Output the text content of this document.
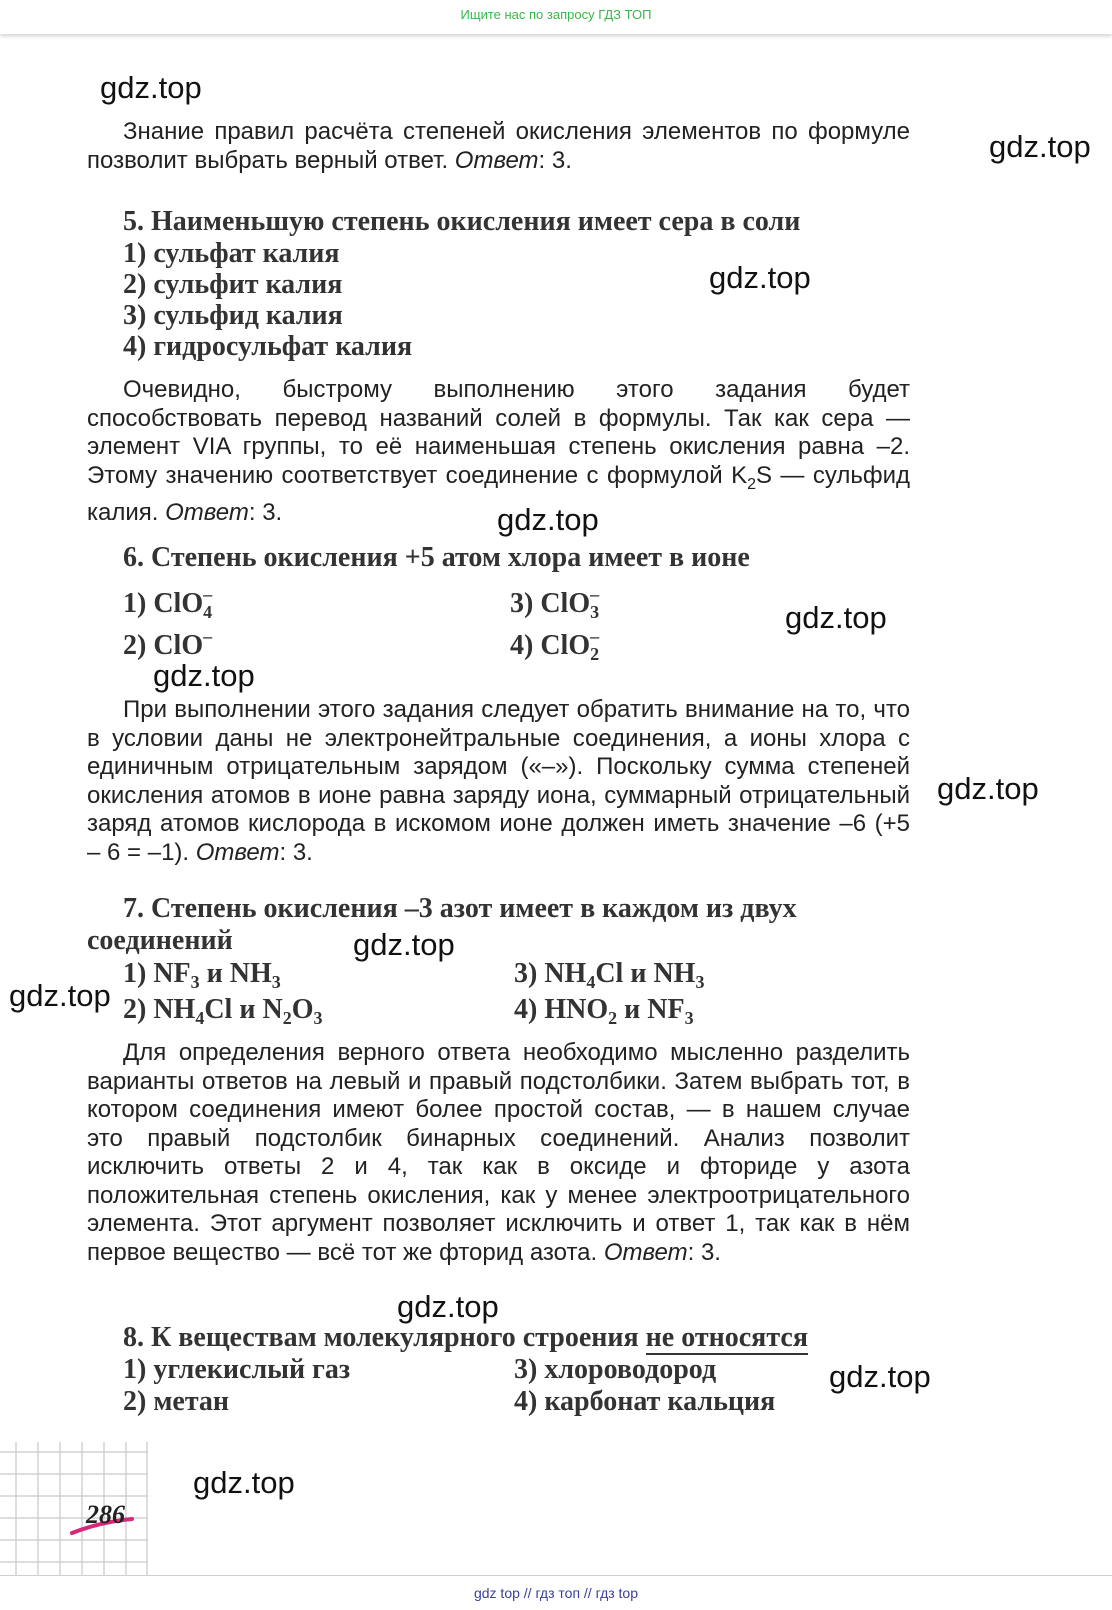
Ищите нас по запросу ГДЗ ТОП
Знание правил расчёта степеней окисления элементов по формуле позволит выбрать верный ответ. Ответ: 3.
5. Наименьшую степень окисления имеет сера в соли
1) сульфат калия
2) сульфит калия
3) сульфид калия
4) гидросульфат калия
Очевидно, быстрому выполнению этого задания будет способствовать перевод названий солей в формулы. Так как сера — элемент VIA группы, то её наименьшая степень окисления равна –2. Этому значению соответствует соединение с формулой $K_2S$ — сульфид калия. Ответ: 3.
6. Степень окисления +5 атом хлора имеет в ионе
1) ClO–$_4$	3) ClO–$_3$
2) ClO–	4) ClO–$_2$
При выполнении этого задания следует обратить внимание на то, что в условии даны не электронейтральные соединения, а ионы хлора с единичным отрицательным зарядом («–»). Поскольку сумма степеней окисления атомов в ионе равна заряду иона, суммарный отрицательный заряд атомов кислорода в искомом ионе должен иметь значение –6 (+5 – 6 = –1). Ответ: 3.
7. Степень окисления –3 азот имеет в каждом из двух соединений
1) $NF_3$ и $NH_3$	3) $NH_4Cl$ и $NH_3$
2) $NH_4Cl$ и $N_2O_3$	4) $HNO_2$ и $NF_3$
Для определения верного ответа необходимо мысленно разделить варианты ответов на левый и правый подстолбики. Затем выбрать тот, в котором соединения имеют более простой состав, — в нашем случае это правый подстолбик бинарных соединений. Анализ позволит исключить ответы 2 и 4, так как в оксиде и фториде у азота положительная степень окисления, как у менее электроотрицательного элемента. Этот аргумент позволяет исключить и ответ 1, так как в нём первое вещество — всё тот же фторид азота. Ответ: 3.
8. К веществам молекулярного строения не относятся
1) углекислый газ	3) хлороводород
2) метан	4) карбонат кальция
gdz.top
gdz.top
gdz.top
gdz.top
gdz.top
gdz.top
gdz.top
gdz.top
gdz.top
gdz.top
gdz.top
gdz.top
286
gdz top // гдз топ // гдз top
